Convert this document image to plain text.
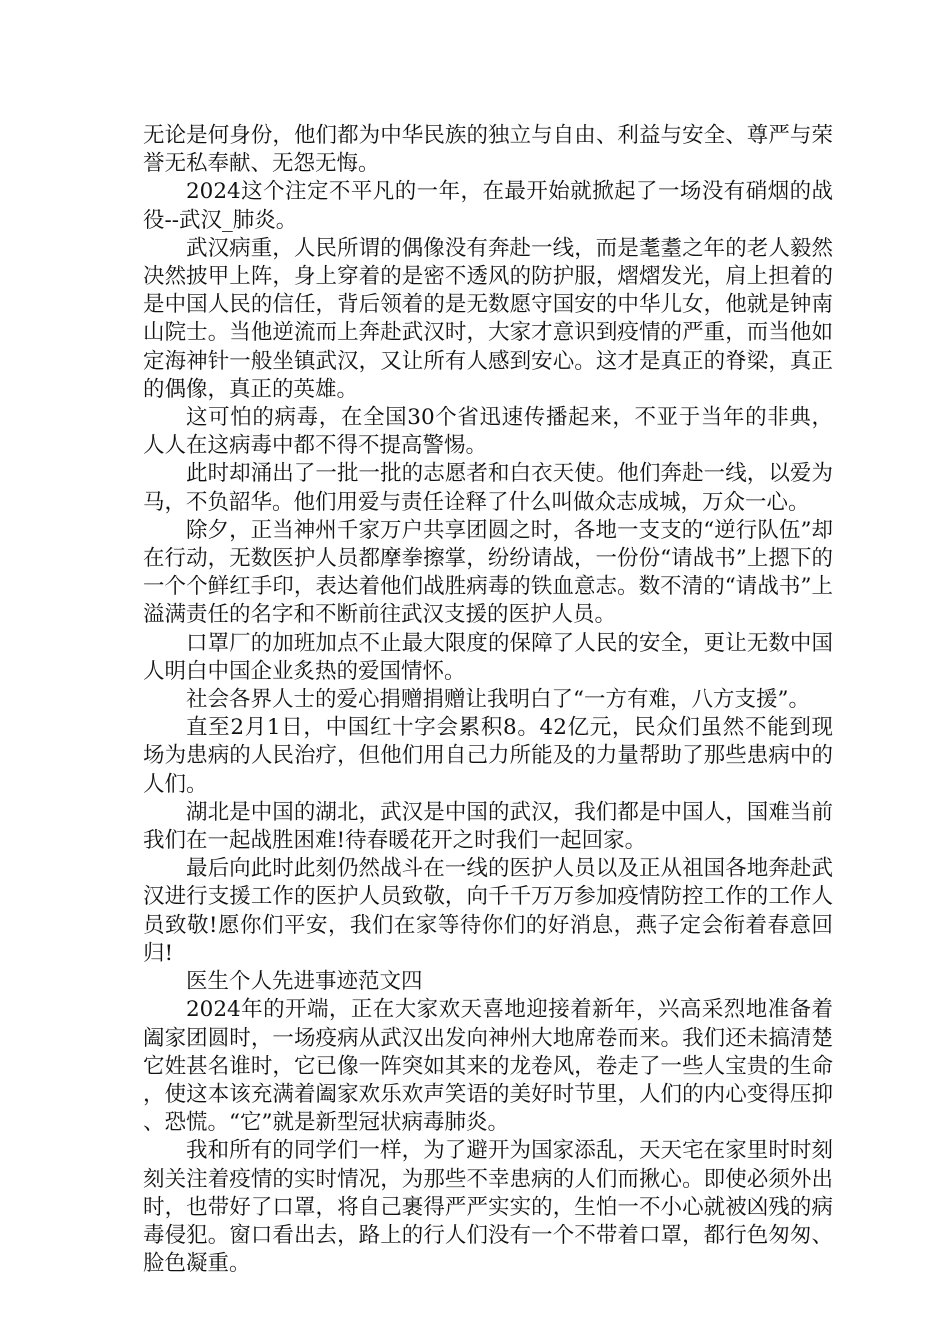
无论是何身份，他们都为中华民族的独立与自由、利益与安全、尊严与荣誉无私奉献、无怨无悔。

2024这个注定不平凡的一年，在最开始就掀起了一场没有硝烟的战役--武汉_肺炎。

武汉病重，人民所谓的偶像没有奔赴一线，而是耄耋之年的老人毅然决然披甲上阵，身上穿着的是密不透风的防护服，熠熠发光，肩上担着的是中国人民的信任，背后领着的是无数愿守国安的中华儿女，他就是钟南山院士。当他逆流而上奔赴武汉时，大家才意识到疫情的严重，而当他如定海神针一般坐镇武汉，又让所有人感到安心。这才是真正的脊梁，真正的偶像，真正的英雄。

这可怕的病毒，在全国30个省迅速传播起来，不亚于当年的非典，人人在这病毒中都不得不提高警惕。

此时却涌出了一批一批的志愿者和白衣天使。他们奔赴一线，以爱为马，不负韶华。他们用爱与责任诠释了什么叫做众志成城，万众一心。

除夕，正当神州千家万户共享团圆之时，各地一支支的“逆行队伍”却在行动，无数医护人员都摩拳擦掌，纷纷请战，一份份“请战书”上摁下的一个个鲜红手印，表达着他们战胜病毒的铁血意志。数不清的“请战书”上溢满责任的名字和不断前往武汉支援的医护人员。

口罩厂的加班加点不止最大限度的保障了人民的安全，更让无数中国人明白中国企业炙热的爱国情怀。

社会各界人士的爱心捐赠捐赠让我明白了“一方有难，八方支援”。

直至2月1日，中国红十字会累积8。42亿元，民众们虽然不能到现场为患病的人民治疗，但他们用自己力所能及的力量帮助了那些患病中的人们。

湖北是中国的湖北，武汉是中国的武汉，我们都是中国人，国难当前我们在一起战胜困难!待春暖花开之时我们一起回家。

最后向此时此刻仍然战斗在一线的医护人员以及正从祖国各地奔赴武汉进行支援工作的医护人员致敬，向千千万万参加疫情防控工作的工作人员致敬!愿你们平安，我们在家等待你们的好消息，燕子定会衔着春意回归!

医生个人先进事迹范文四

2024年的开端，正在大家欢天喜地迎接着新年，兴高采烈地准备着阖家团圆时，一场疫病从武汉出发向神州大地席卷而来。我们还未搞清楚它姓甚名谁时，它已像一阵突如其来的龙卷风，卷走了一些人宝贵的生命，使这本该充满着阖家欢乐欢声笑语的美好时节里，人们的内心变得压抑、恐慌。“它”就是新型冠状病毒肺炎。

我和所有的同学们一样，为了避开为国家添乱，天天宅在家里时时刻刻关注着疫情的实时情况，为那些不幸患病的人们而揪心。即使必须外出时，也带好了口罩，将自己裹得严严实实的，生怕一不小心就被凶残的病毒侵犯。窗口看出去，路上的行人们没有一个不带着口罩，都行色匆匆、脸色凝重。
